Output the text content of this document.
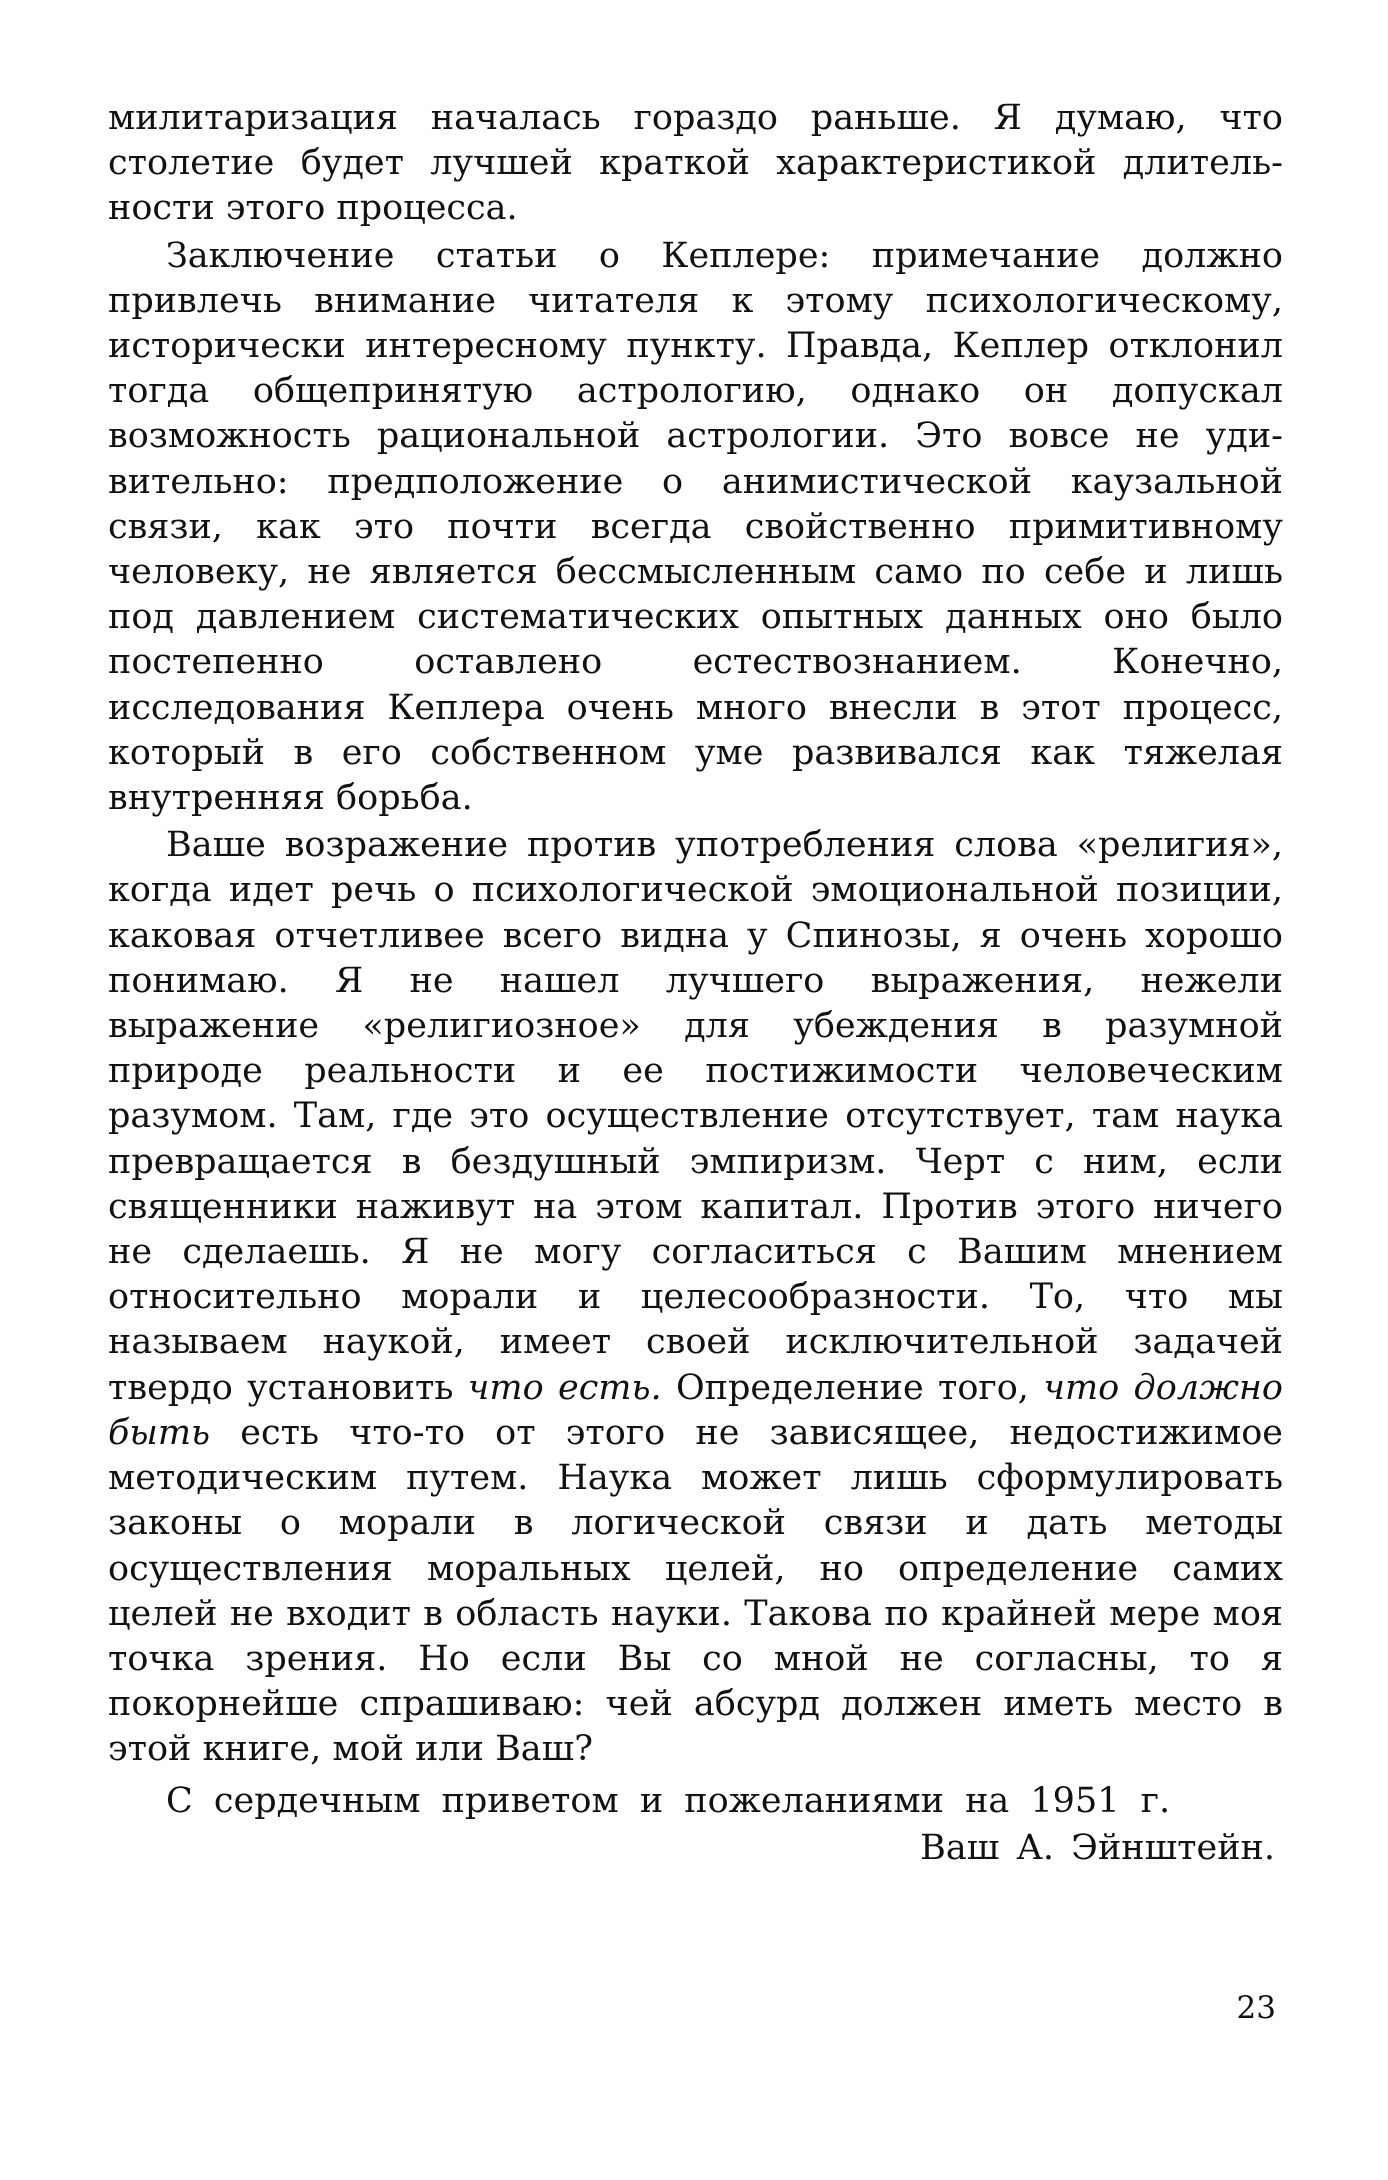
милитаризация началась гораздо раньше. Я думаю, что столетие будет лучшей краткой характеристикой длительности этого процесса.

Заключение статьи о Кеплере: примечание должно привлечь внимание читателя к этому психологическому, исторически интересному пункту. Правда, Кеплер отклонил тогда общепринятую астрологию, однако он допускал возможность рациональной астрологии. Это вовсе не удивительно: предположение о анимистической каузальной связи, как это почти всегда свойственно примитивному человеку, не является бессмысленным само по себе и лишь под давлением систематических опытных данных оно было постепенно оставлено естествознанием. Конечно, исследования Кеплера очень много внесли в этот процесс, который в его собственном уме развивался как тяжелая внутренняя борьба.

Ваше возражение против употребления слова «религия», когда идет речь о психологической эмоциональной позиции, каковая отчетливее всего видна у Спинозы, я очень хорошо понимаю. Я не нашел лучшего выражения, нежели выражение «религиозное» для убеждения в разумной природе реальности и ее постижимости человеческим разумом. Там, где это осуществление отсутствует, там наука превращается в бездушный эмпиризм. Черт с ним, если священники наживут на этом капитал. Против этого ничего не сделаешь. Я не могу согласиться с Вашим мнением относительно морали и целесообразности. То, что мы называем наукой, имеет своей исключительной задачей твердо установить что есть. Определение того, что должно быть есть что-то от этого не зависящее, недостижимое методическим путем. Наука может лишь сформулировать законы о морали в логической связи и дать методы осуществления моральных целей, но определение самих целей не входит в область науки. Такова по крайней мере моя точка зрения. Но если Вы со мной не согласны, то я покорнейше спрашиваю: чей абсурд должен иметь место в этой книге, мой или Ваш?

С сердечным приветом и пожеланиями на 1951 г.

Ваш А. Эйнштейн.

23
